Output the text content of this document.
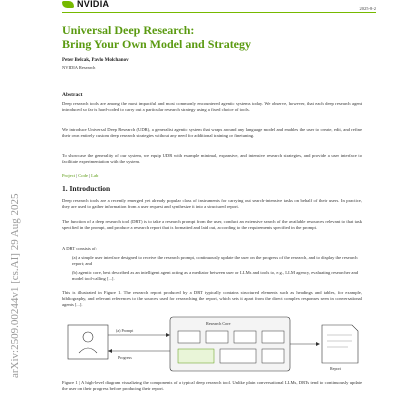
NVIDIA	2025-8-2
Universal Deep Research:
Bring Your Own Model and Strategy
Peter Belcak, Pavlo Molchanov
NVIDIA Research
Abstract
Deep research tools are among the most impactful and most commonly encountered agentic systems today. We observe, however, that each deep research agent introduced so far is hard-coded to carry out a particular research strategy using a fixed choice of tools.
We introduce Universal Deep Research (UDR), a generalist agentic system that wraps around any language model and enables the user to create, edit, and refine their own entirely custom deep research strategies without any need for additional training or finetuning.
To showcase the generality of our system, we equip UDR with example minimal, expansive, and intensive research strategies, and provide a user interface to facilitate experimentation with the system.
Project | Code | Lab
1. Introduction
Deep research tools are a recently emerged yet already popular class of instruments for carrying out search-intensive tasks on behalf of their users. In practice, they are used to gather information from a user request and synthesize it into a structured report.
The function of a deep research tool (DRT) is to take a research prompt from the user, conduct an extensive search of the available resources relevant to that task specified in the prompt, and produce a research report that is formatted and laid out, according to the requirements specified in the prompt.
A DRT consists of:
(a) a simple user interface designed to receive the research prompt, continuously update the user on the progress of the research, and to display the research report; and
(b) agentic core, best described as an intelligent agent acting as a mediator between user or LLMs and tools to, e.g., LLM agency, evaluating researcher and model tool-calling [...].
This is illustrated in Figure 1. The research report produced by a DRT typically contains structured elements such as headings and tables, for example, bibliography, and relevant references to the sources used for researching the report, which sets it apart from the direct complex responses seen in conversational agents [...].
(a) Prompt
Progress
Research Core
Report
Figure 1 | A high-level diagram visualizing the components of a typical deep research tool. Unlike plain conversational LLMs, DRTs tend to continuously update the user on their progress before producing their report.
arXiv:2509.00244v1 [cs.AI] 29 Aug 2025
